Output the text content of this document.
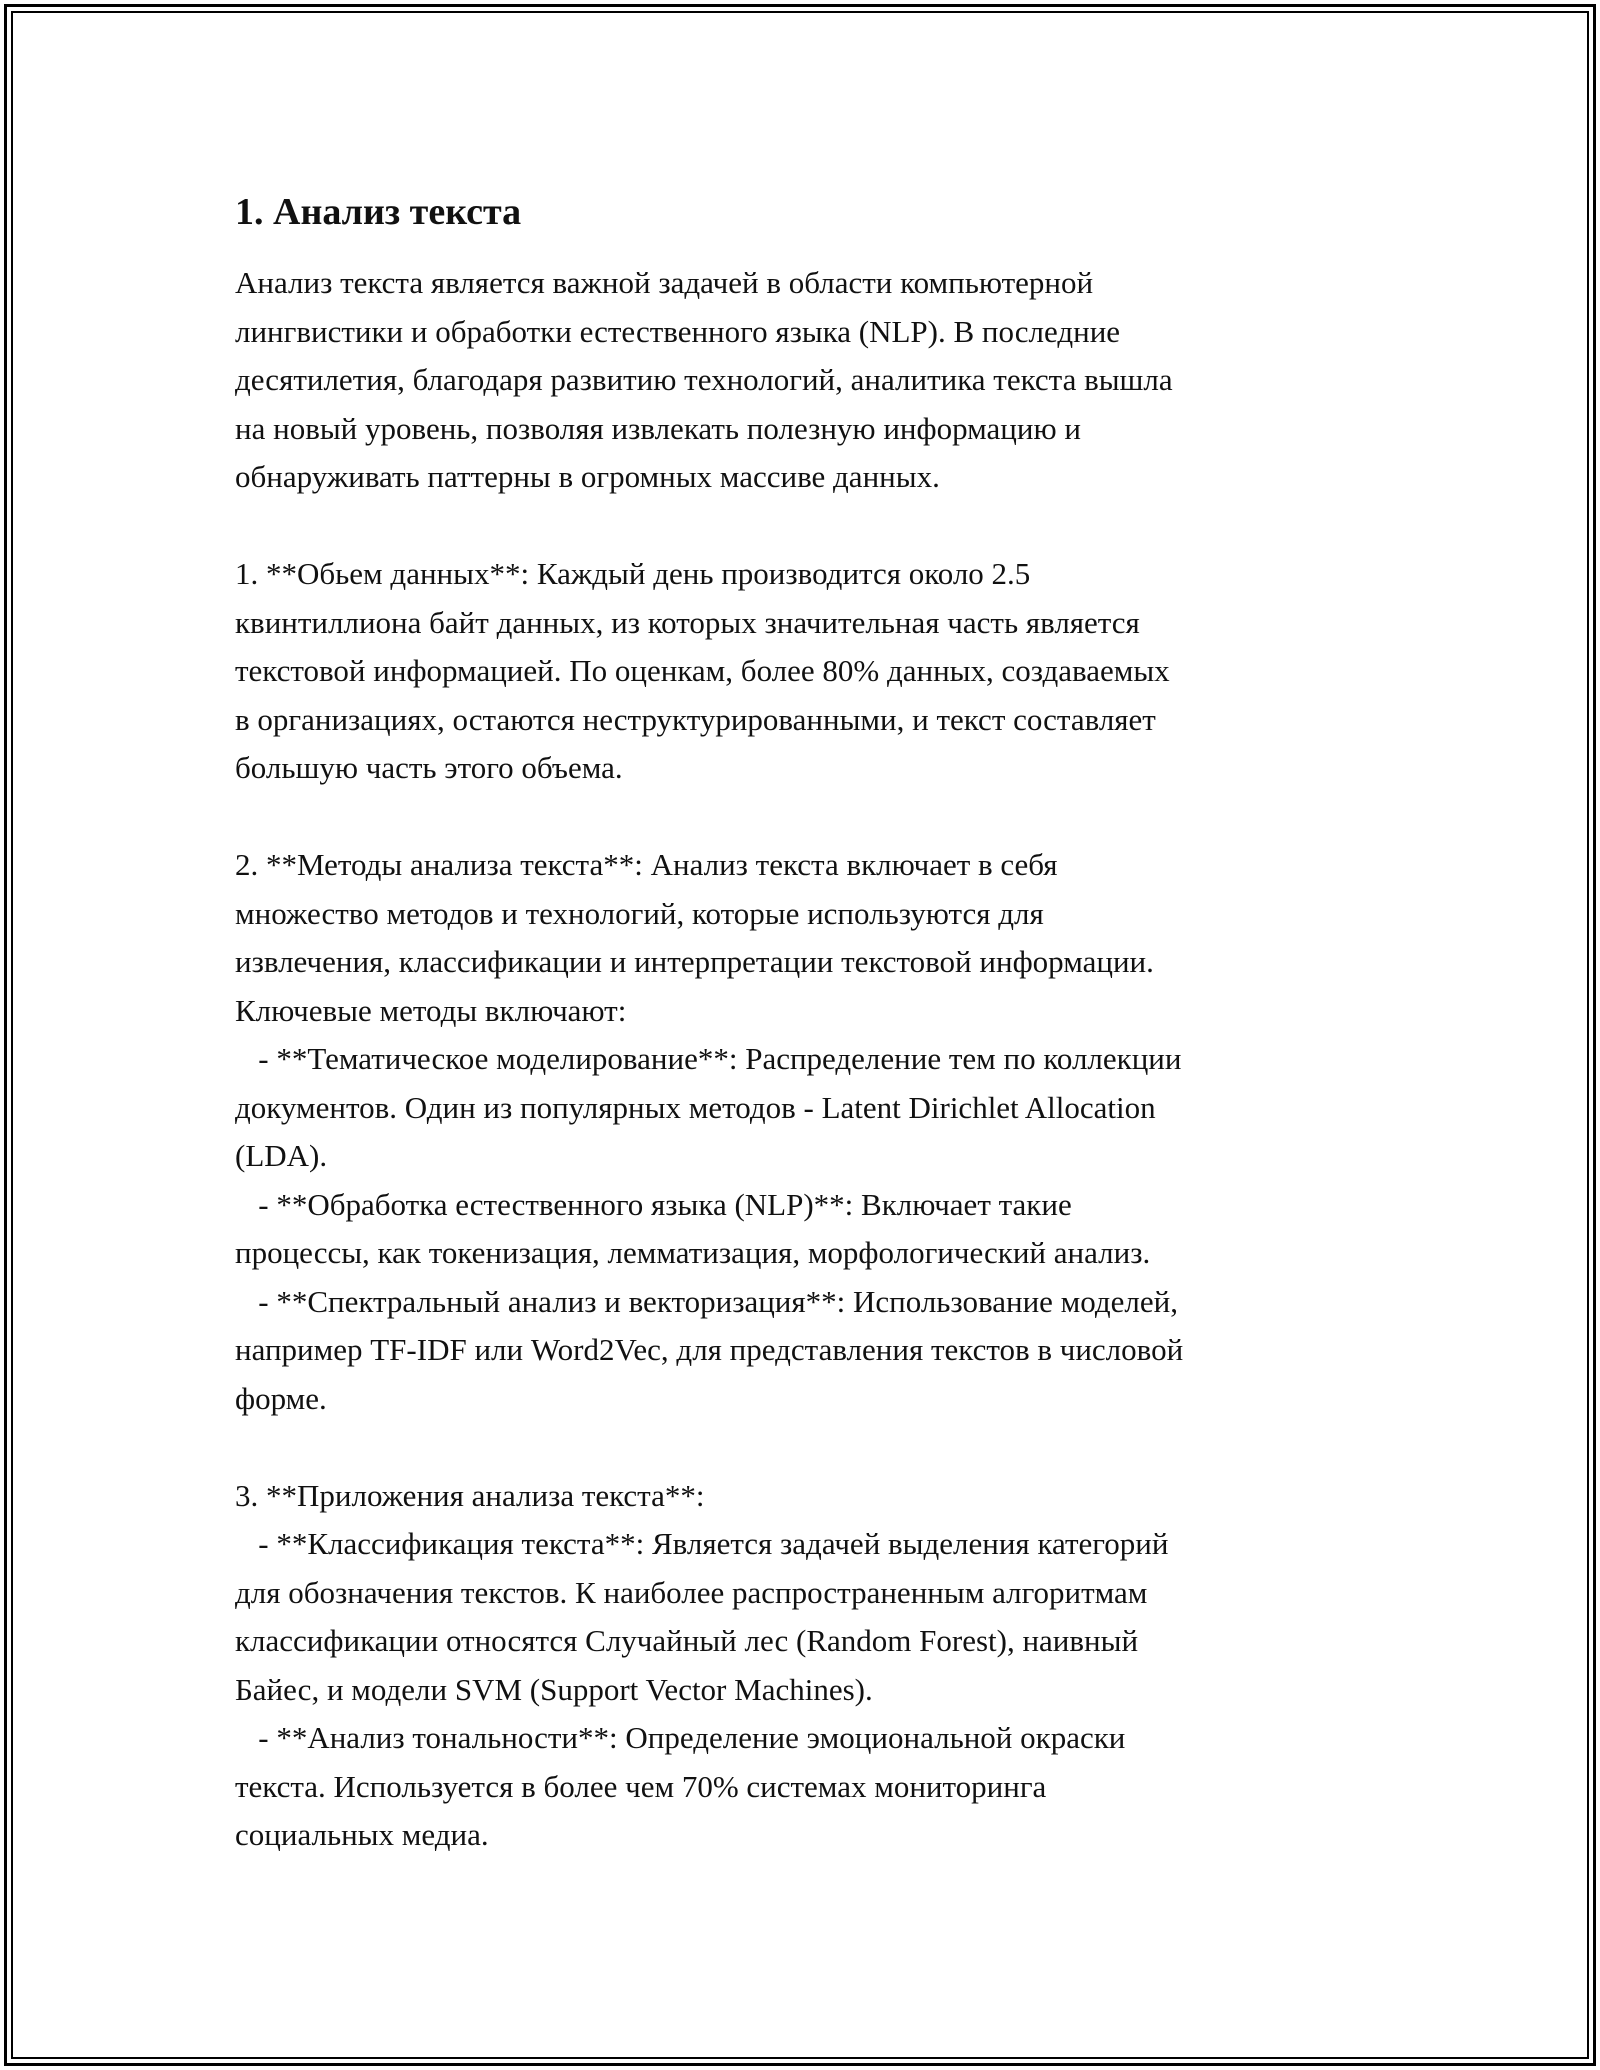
1. Анализ текста
Анализ текста является важной задачей в области компьютерной
лингвистики и обработки естественного языка (NLP). В последние
десятилетия, благодаря развитию технологий, аналитика текста вышла
на новый уровень, позволяя извлекать полезную информацию и
обнаруживать паттерны в огромных массиве данных.
1. **Обьем данных**: Каждый день производится около 2.5
квинтиллиона байт данных, из которых значительная часть является
текстовой информацией. По оценкам, более 80% данных, создаваемых
в организациях, остаются неструктурированными, и текст составляет
большую часть этого объема.
2. **Методы анализа текста**: Анализ текста включает в себя
множество методов и технологий, которые используются для
извлечения, классификации и интерпретации текстовой информации.
Ключевые методы включают:
- **Тематическое моделирование**: Распределение тем по коллекции
документов. Один из популярных методов - Latent Dirichlet Allocation
(LDA).
- **Обработка естественного языка (NLP)**: Включает такие
процессы, как токенизация, лемматизация, морфологический анализ.
- **Спектральный анализ и векторизация**: Использование моделей,
например TF-IDF или Word2Vec, для представления текстов в числовой
форме.
3. **Приложения анализа текста**:
- **Классификация текста**: Является задачей выделения категорий
для обозначения текстов. К наиболее распространенным алгоритмам
классификации относятся Случайный лес (Random Forest), наивный
Байес, и модели SVM (Support Vector Machines).
- **Анализ тональности**: Определение эмоциональной окраски
текста. Используется в более чем 70% системах мониторинга
социальных медиа.
